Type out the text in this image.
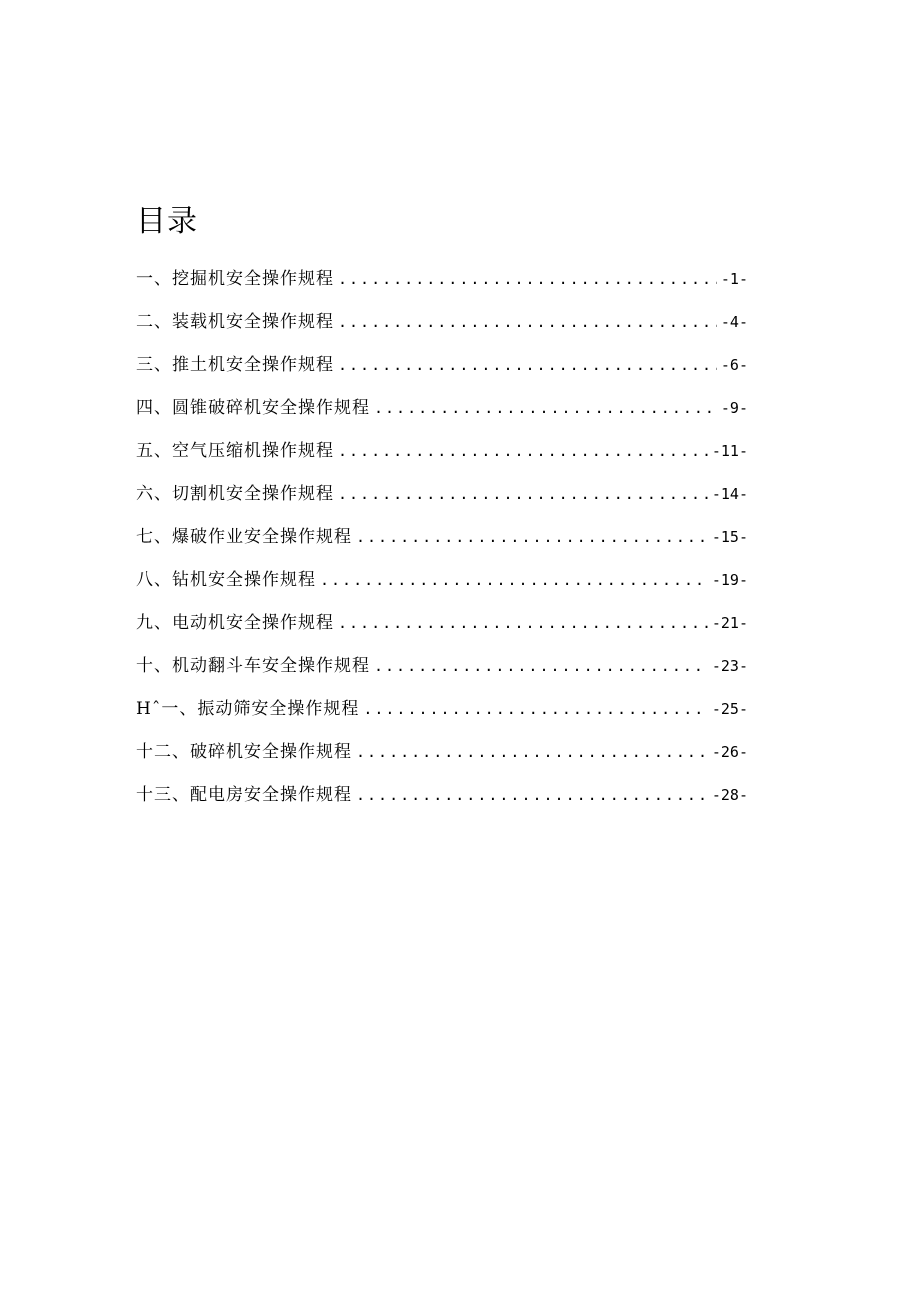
目录
一、挖掘机安全操作规程 .....	-1-
二、装载机安全操作规程 .....	-4-
三、推土机安全操作规程 .....	-6-
四、圆锥破碎机安全操作规程 .....	-9-
五、空气压缩机操作规程 .....	-11-
六、切割机安全操作规程 .....	-14-
七、爆破作业安全操作规程 .....	-15-
八、钻机安全操作规程 .....	-19-
九、电动机安全操作规程 .....	-21-
十、机动翻斗车安全操作规程 .....	-23-
Hˆ一、振动筛安全操作规程 .....	-25-
十二、破碎机安全操作规程 .....	-26-
十三、配电房安全操作规程 .....	-28-
